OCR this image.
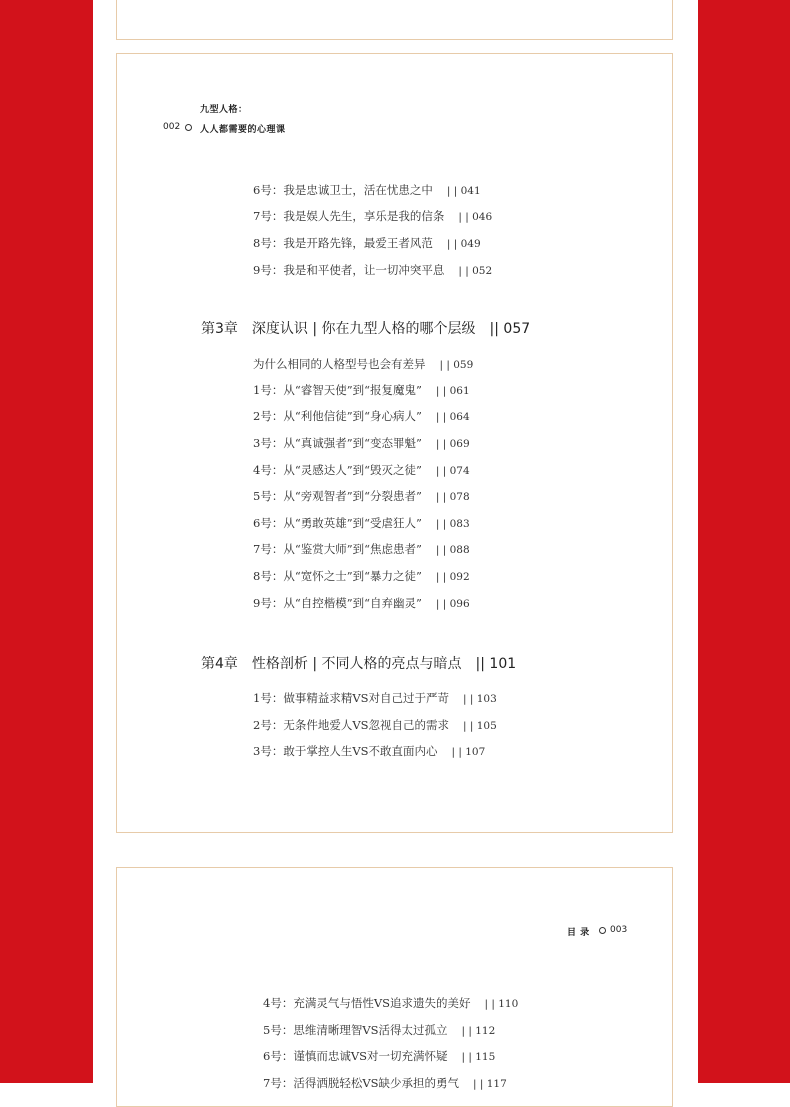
九型人格：
002 人人都需要的心理课
6号：我是忠诚卫士，活在忧患之中 | | 041
7号：我是娱人先生，享乐是我的信条 | | 046
8号：我是开路先锋，最爱王者风范 | | 049
9号：我是和平使者，让一切冲突平息 | | 052
第3章 深度认识 | 你在九型人格的哪个层级 || 057
为什么相同的人格型号也会有差异 | | 059
1号：从“睿智天使”到“报复魔鬼” | | 061
2号：从“利他信徒”到“身心病人” | | 064
3号：从“真诚强者”到“变态罪魁” | | 069
4号：从“灵感达人”到“毁灭之徒” | | 074
5号：从“旁观智者”到“分裂患者” | | 078
6号：从“勇敢英雄”到“受虐狂人” | | 083
7号：从“鉴赏大师”到“焦虑患者” | | 088
8号：从“宽怀之士”到“暴力之徒” | | 092
9号：从“自控楷模”到“自弃幽灵” | | 096
第4章 性格剖析 | 不同人格的亮点与暗点 || 101
1号：做事精益求精VS对自己过于严苛 | | 103
2号：无条件地爱人VS忽视自己的需求 | | 105
3号：敢于掌控人生VS不敢直面内心 | | 107
目 录 003
4号：充满灵气与悟性VS追求遗失的美好 | | 110
5号：思维清晰理智VS活得太过孤立 | | 112
6号：谨慎而忠诚VS对一切充满怀疑 | | 115
7号：活得洒脱轻松VS缺少承担的勇气 | | 117
